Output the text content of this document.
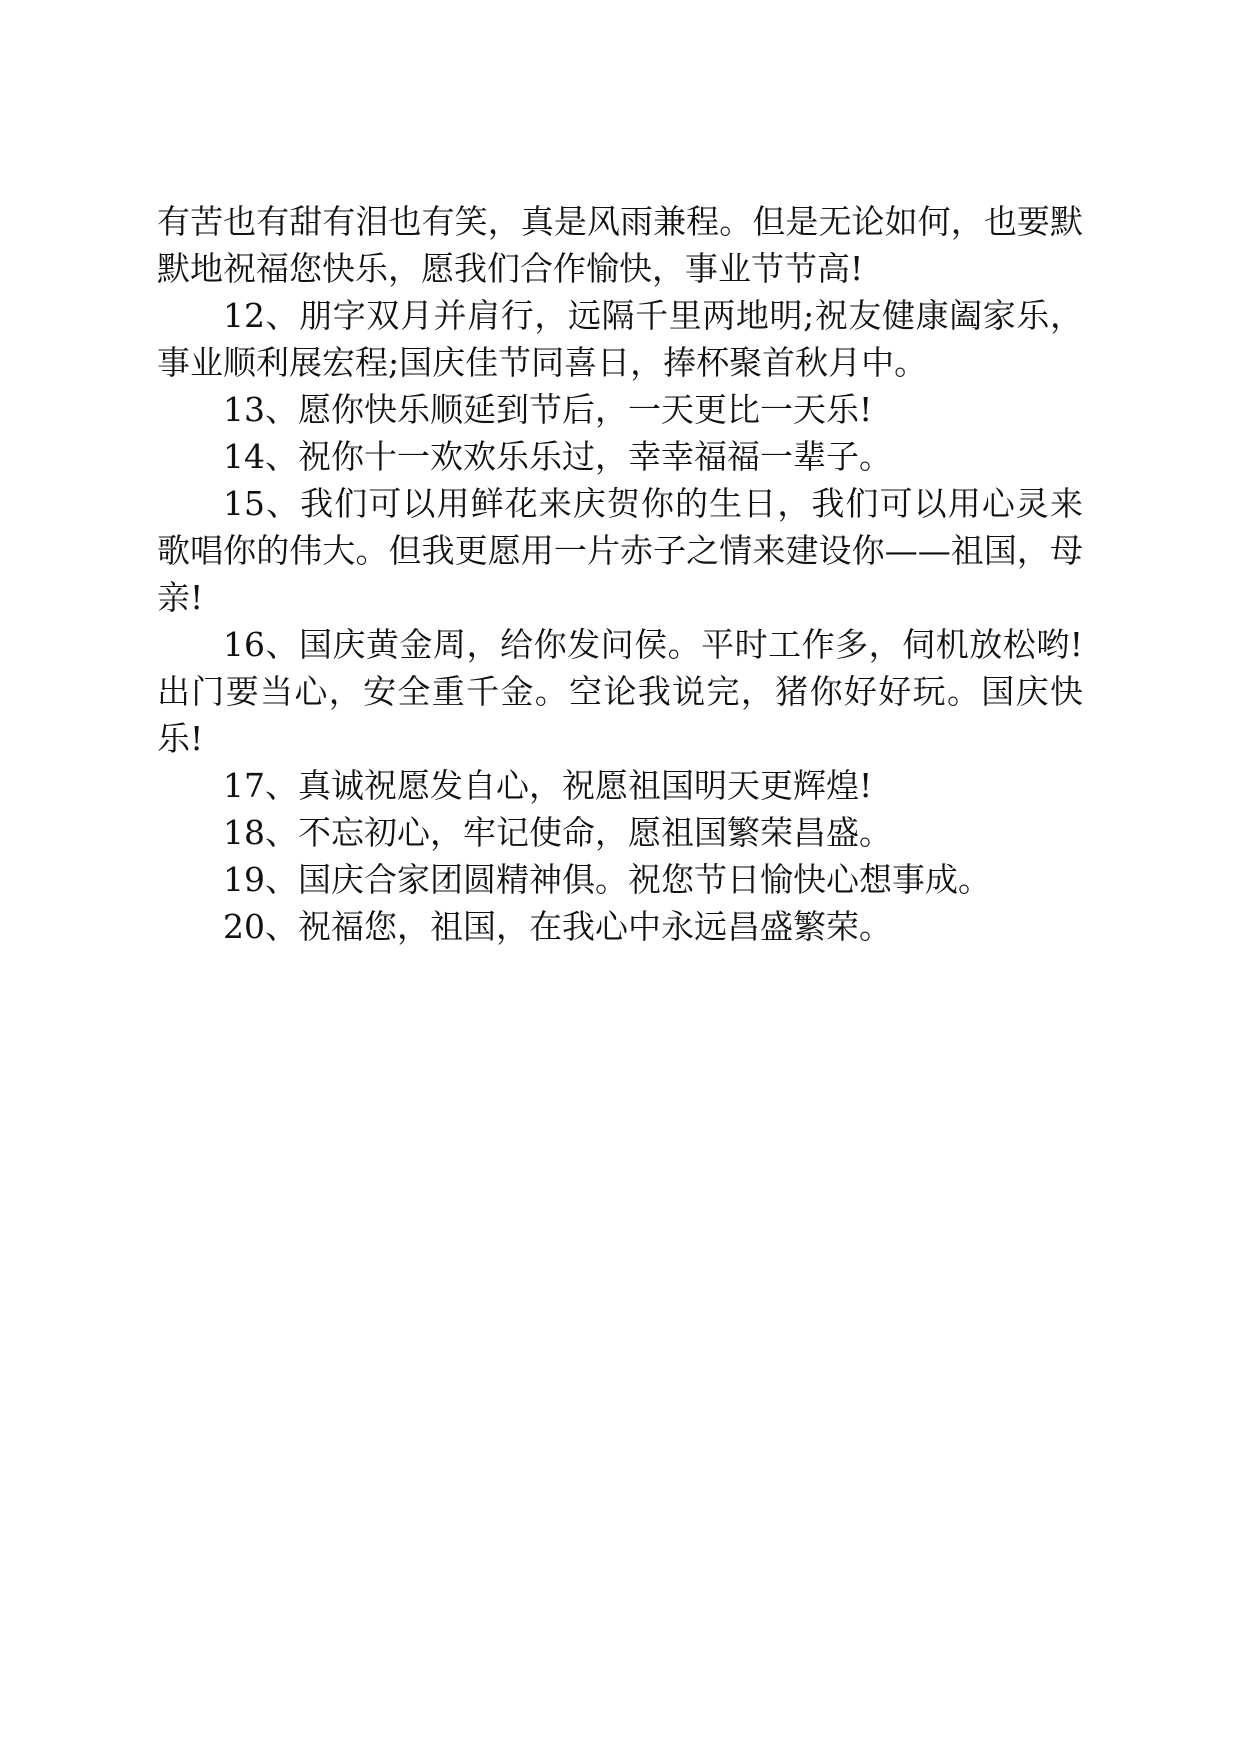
有苦也有甜有泪也有笑，真是风雨兼程。但是无论如何，也要默默地祝福您快乐，愿我们合作愉快，事业节节高!

12、朋字双月并肩行，远隔千里两地明;祝友健康阖家乐，事业顺利展宏程;国庆佳节同喜日，捧杯聚首秋月中。

13、愿你快乐顺延到节后，一天更比一天乐!

14、祝你十一欢欢乐乐过，幸幸福福一辈子。

15、我们可以用鲜花来庆贺你的生日，我们可以用心灵来歌唱你的伟大。但我更愿用一片赤子之情来建设你——祖国，母亲!

16、国庆黄金周，给你发问侯。平时工作多，伺机放松哟!出门要当心，安全重千金。空论我说完，猪你好好玩。国庆快乐!

17、真诚祝愿发自心，祝愿祖国明天更辉煌!

18、不忘初心，牢记使命，愿祖国繁荣昌盛。

19、国庆合家团圆精神俱。祝您节日愉快心想事成。

20、祝福您，祖国，在我心中永远昌盛繁荣。
